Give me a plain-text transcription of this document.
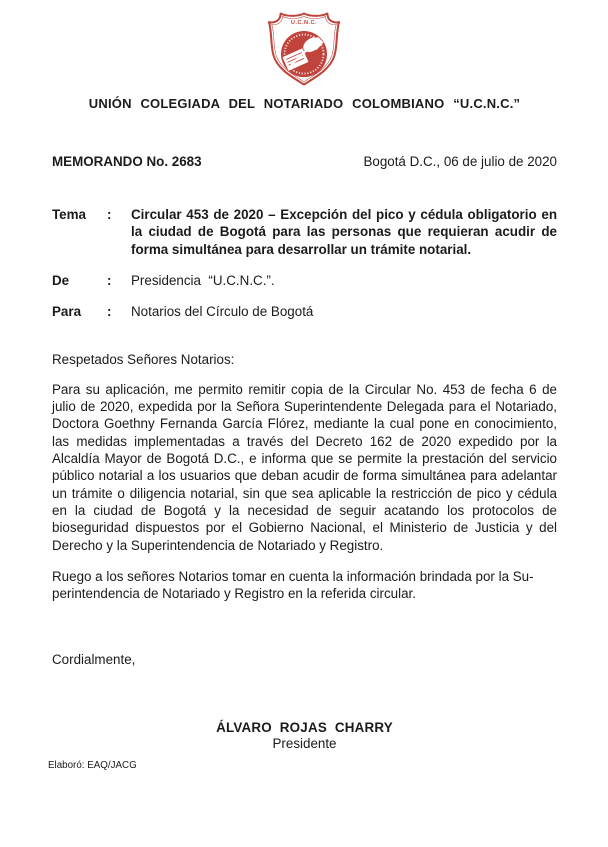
U.C.N.C.
UNIÓN COLEGIADA DEL NOTARIADO COLOMBIANO “U.C.N.C.”
MEMORANDO No. 2683	Bogotá D.C., 06 de julio de 2020
Tema	:	Circular 453 de 2020 – Excepción del pico y cédula obligatorio en la ciudad de Bogotá para las personas que requieran acudir de forma simultánea para desarrollar un trámite notarial.
De	:	Presidencia  “U.C.N.C.”.
Para	:	Notarios del Círculo de Bogotá

Respetados Señores Notarios:

Para su aplicación, me permito remitir copia de la Circular No. 453 de fecha 6 de julio de 2020, expedida por la Señora Superintendente Delegada para el Notariado, Doctora Goethny Fernanda García Flórez, mediante la cual pone en conocimiento, las medidas implementadas a través del Decreto 162 de 2020 expedido por la Alcaldía Mayor de Bogotá D.C., e informa que se permite la prestación del servicio público notarial a los usuarios que deban acudir de forma simultánea para adelantar un trámite o diligencia notarial, sin que sea aplicable la restricción de pico y cédula en la ciudad de Bogotá y la necesidad de seguir acatando los protocolos de bioseguridad dispuestos por el Gobierno Nacional, el Ministerio de Justicia y del Derecho y la Superintendencia de Notariado y Registro.

Ruego a los señores Notarios tomar en cuenta la información brindada por la Su-
perintendencia de Notariado y Registro en la referida circular.

Cordialmente,

ÁLVARO ROJAS CHARRY
Presidente
Elaboró: EAQ/JACG
